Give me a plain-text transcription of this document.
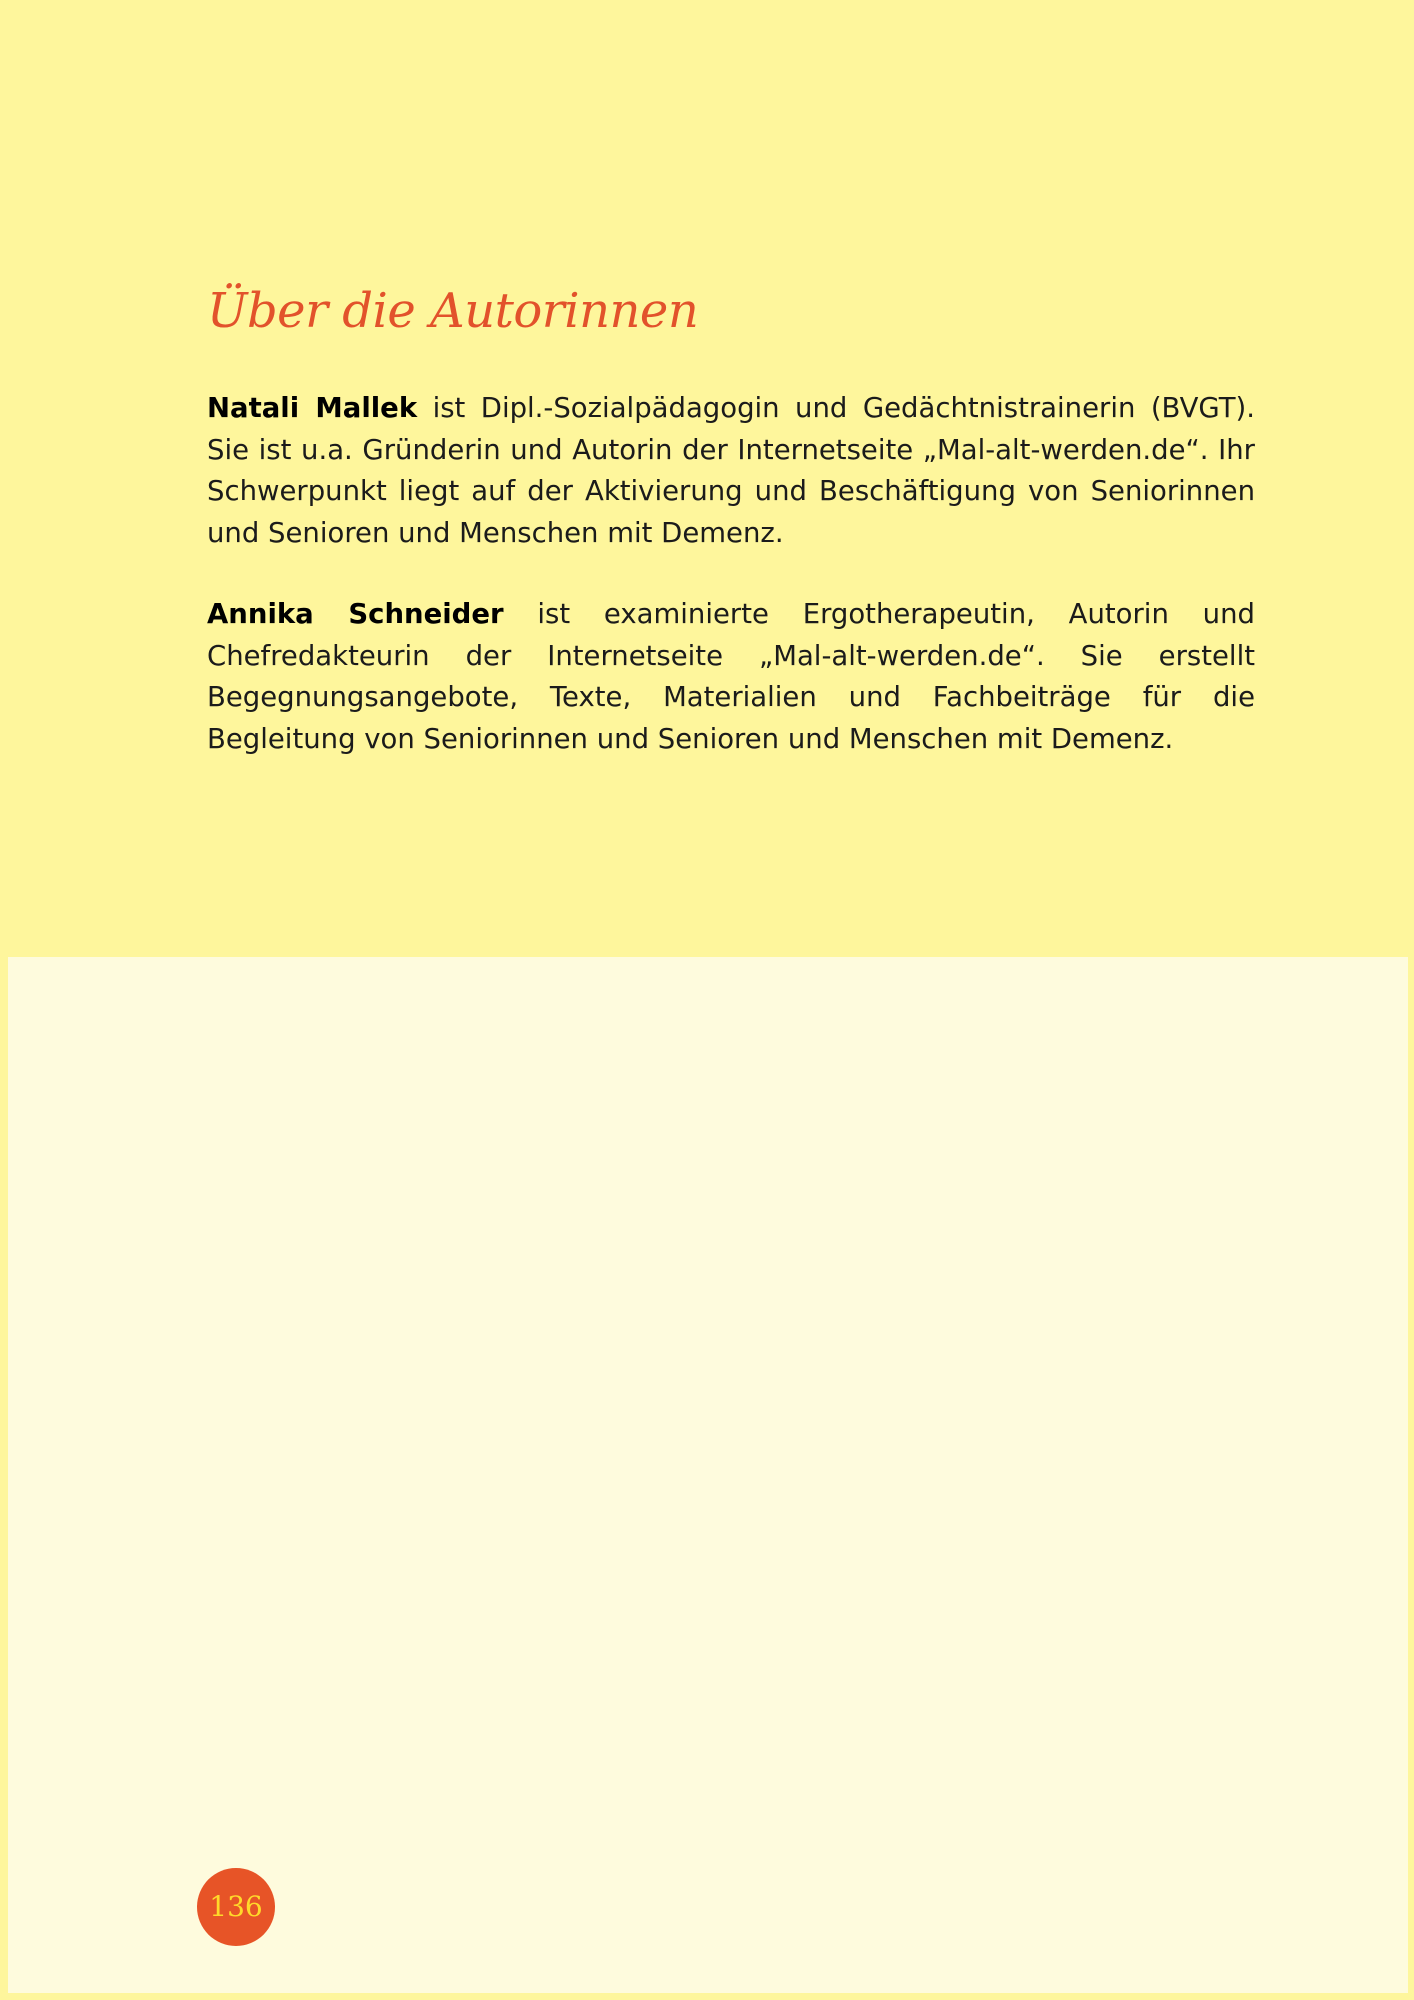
Über die Autorinnen

Natali Mallek ist Dipl.-Sozialpädagogin und Gedächtnistrainerin (BVGT). Sie ist u.a. Gründerin und Autorin der Internetseite „Mal-alt-werden.de“. Ihr Schwerpunkt liegt auf der Aktivierung und Beschäftigung von Seniorinnen und Senioren und Menschen mit Demenz.

Annika Schneider ist examinierte Ergotherapeutin, Autorin und Chefredakteurin der Internetseite „Mal-alt-werden.de“. Sie erstellt Begegnungsangebote, Texte, Materialien und Fachbeiträge für die Begleitung von Seniorinnen und Senioren und Menschen mit Demenz.

136
